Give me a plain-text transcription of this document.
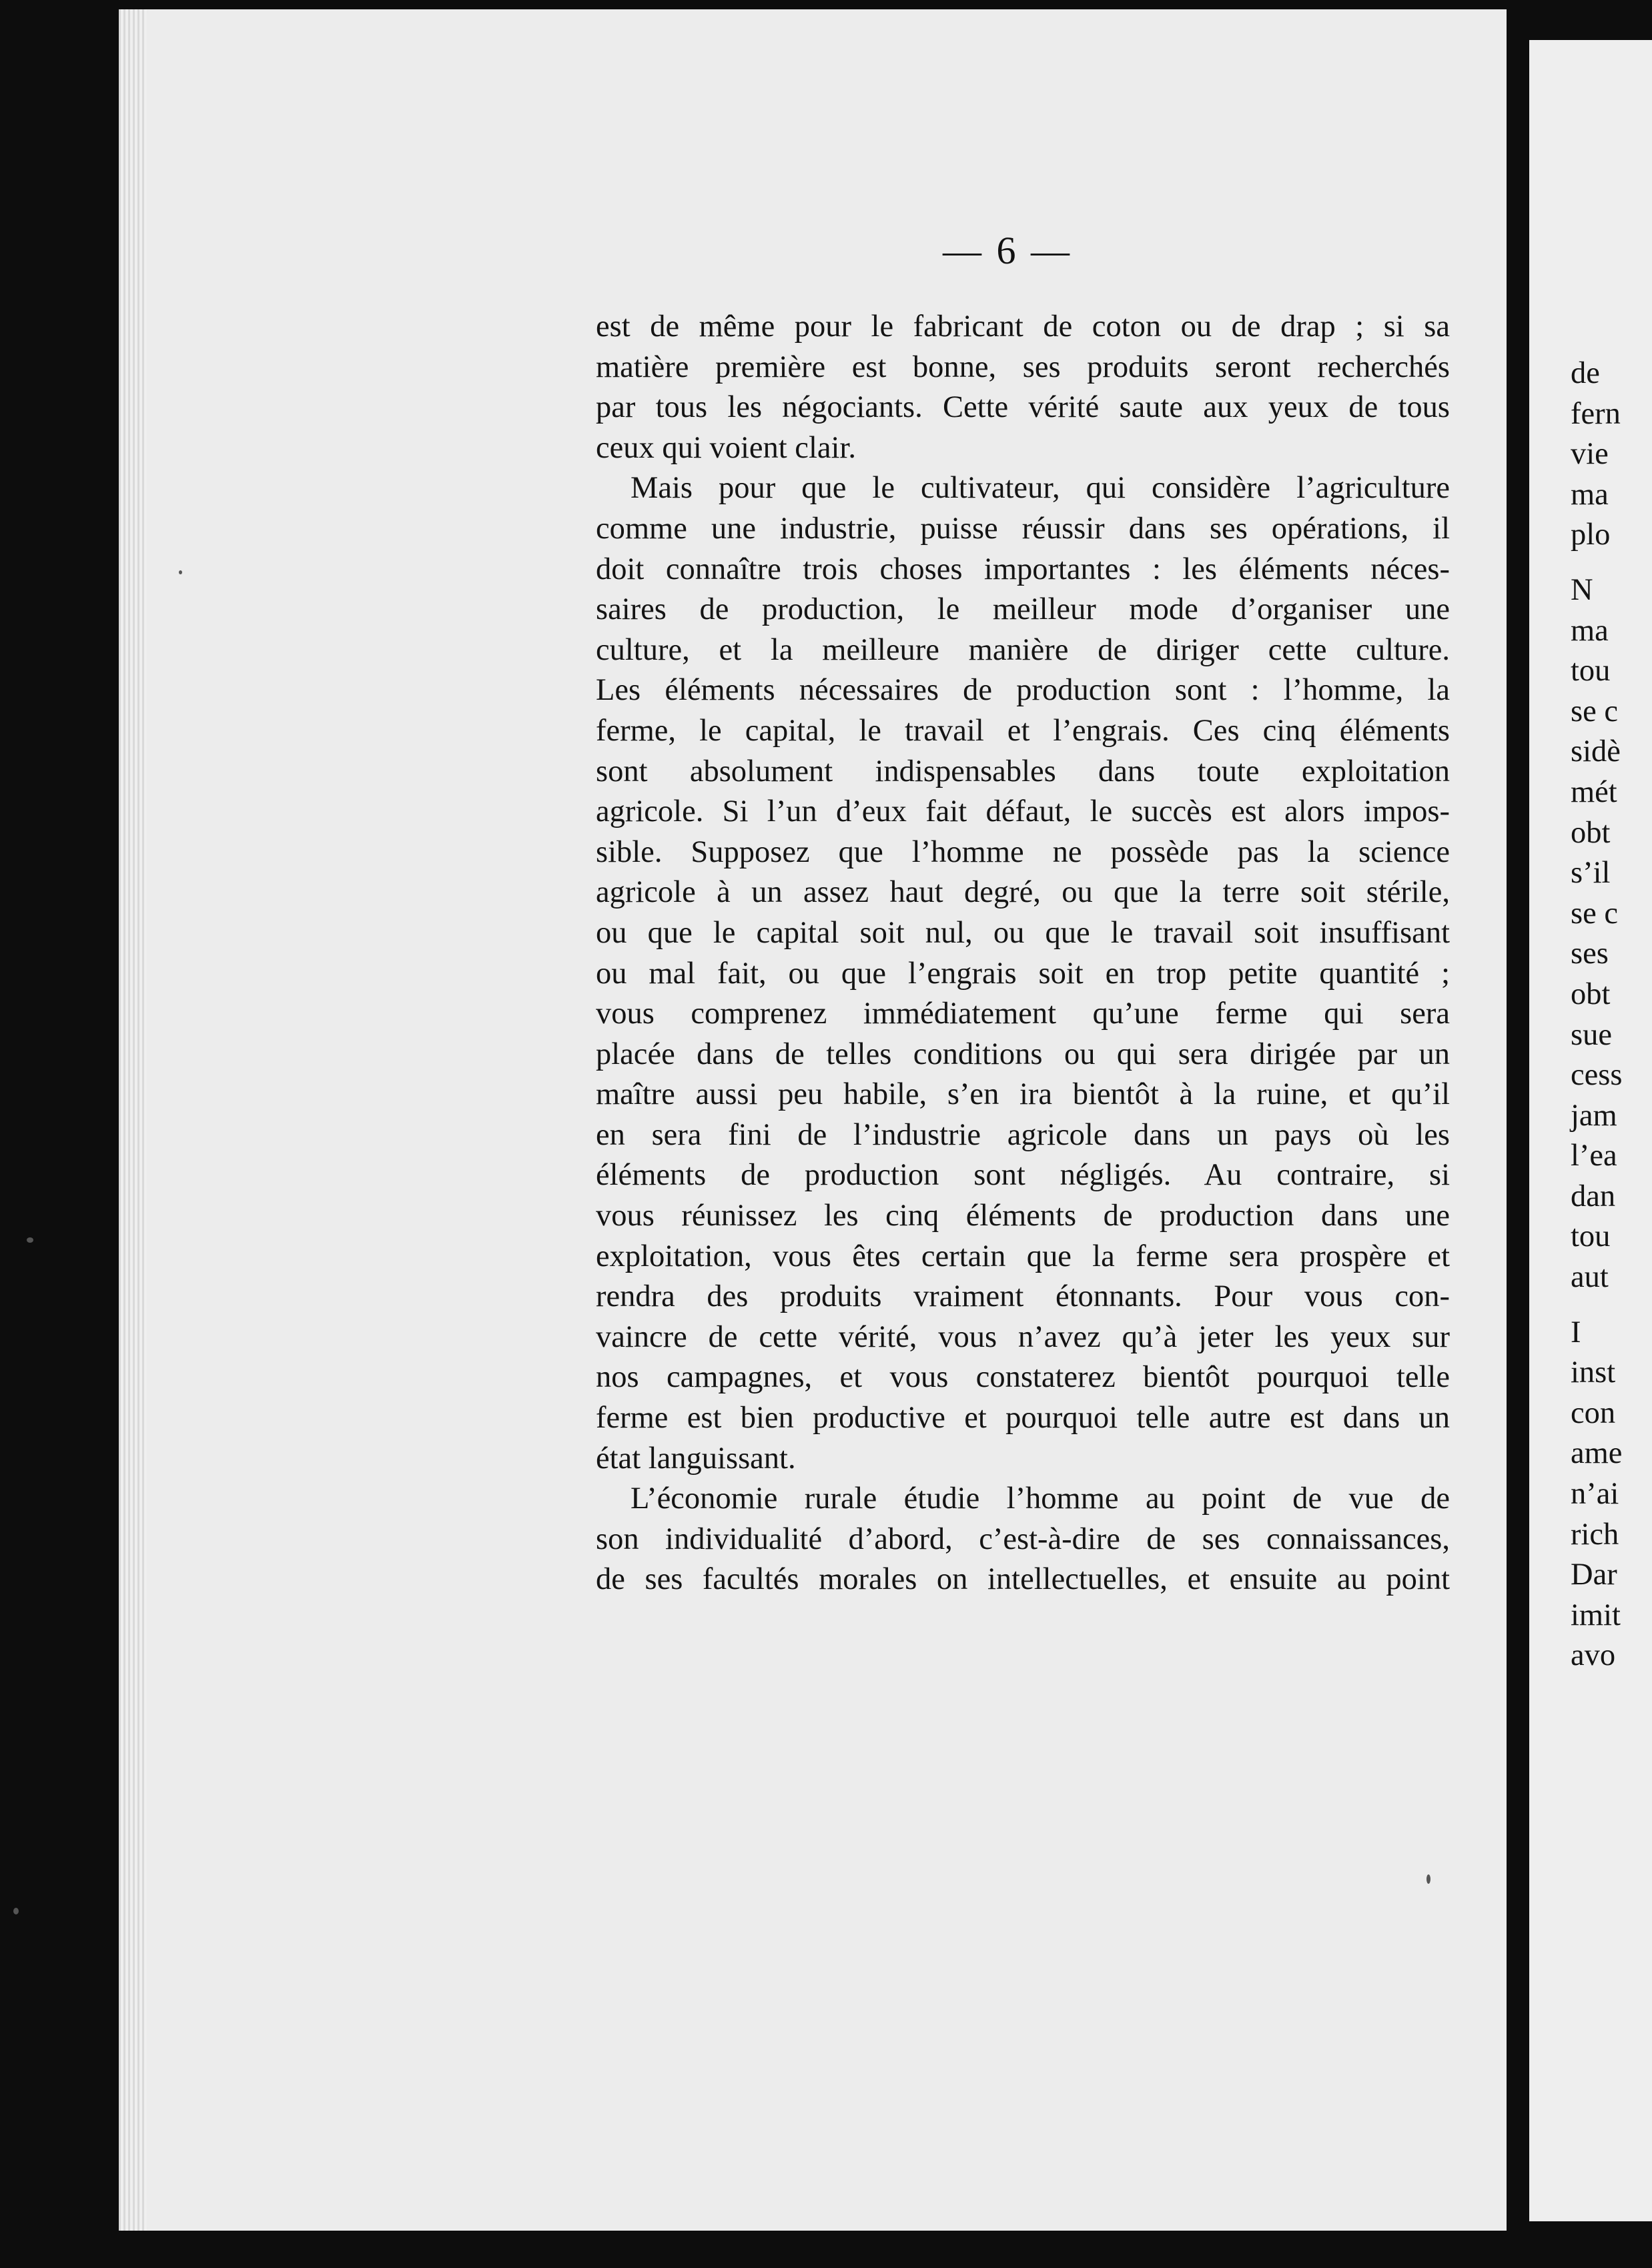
— 6 —
est de même pour le fabricant de coton ou de drap ; si sa
matière première est bonne, ses produits seront recherchés
par tous les négociants. Cette vérité saute aux yeux de tous
ceux qui voient clair.
Mais pour que le cultivateur, qui considère l’agriculture
comme une industrie, puisse réussir dans ses opérations, il
doit connaître trois choses importantes : les éléments néces-
saires de production, le meilleur mode d’organiser une
culture, et la meilleure manière de diriger cette culture.
Les éléments nécessaires de production sont : l’homme, la
ferme, le capital, le travail et l’engrais. Ces cinq éléments
sont absolument indispensables dans toute exploitation
agricole. Si l’un d’eux fait défaut, le succès est alors impos-
sible. Supposez que l’homme ne possède pas la science
agricole à un assez haut degré, ou que la terre soit stérile,
ou que le capital soit nul, ou que le travail soit insuffisant
ou mal fait, ou que l’engrais soit en trop petite quantité ;
vous comprenez immédiatement qu’une ferme qui sera
placée dans de telles conditions ou qui sera dirigée par un
maître aussi peu habile, s’en ira bientôt à la ruine, et qu’il
en sera fini de l’industrie agricole dans un pays où les
éléments de production sont négligés. Au contraire, si
vous réunissez les cinq éléments de production dans une
exploitation, vous êtes certain que la ferme sera prospère et
rendra des produits vraiment étonnants. Pour vous con-
vaincre de cette vérité, vous n’avez qu’à jeter les yeux sur
nos campagnes, et vous constaterez bientôt pourquoi telle
ferme est bien productive et pourquoi telle autre est dans un
état languissant.
L’économie rurale étudie l’homme au point de vue de
son individualité d’abord, c’est-à-dire de ses connaissances,
de ses facultés morales on intellectuelles, et ensuite au point
de
fern
vie
ma
plo
N
ma
tou
se c
sidè
mét
obt
s’il
se c
ses
obt
sue
cess
jam
l’ea
dan
tou
aut
I
inst
con
ame
n’ai
rich
Dar
imit
avo
